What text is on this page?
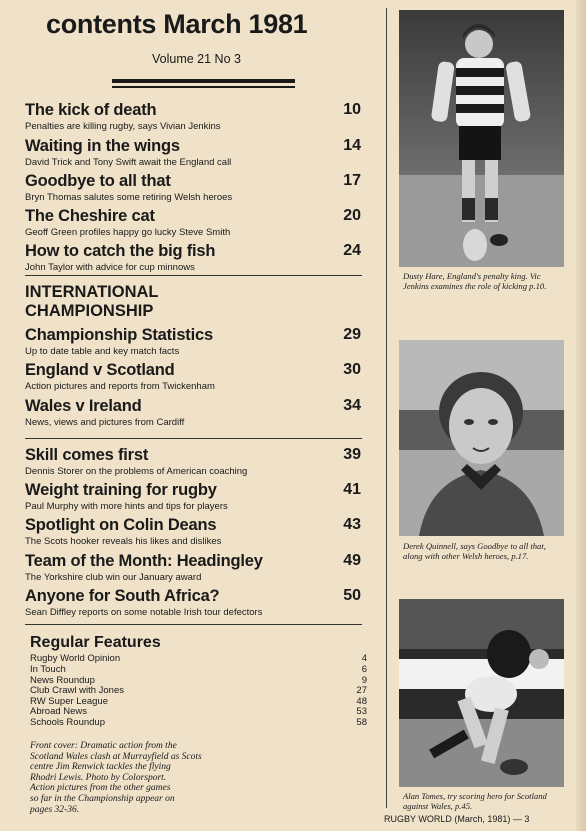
contents March 1981
Volume 21 No 3
The kick of death
Penalties are killing rugby, says Vivian Jenkins
10
Waiting in the wings
David Trick and Tony Swift await the England call
14
Goodbye to all that
Bryn Thomas salutes some retiring Welsh heroes
17
The Cheshire cat
Geoff Green profiles happy go lucky Steve Smith
20
How to catch the big fish
John Taylor with advice for cup minnows
24
INTERNATIONAL
CHAMPIONSHIP
Championship Statistics
Up to date table and key match facts
29
England v Scotland
Action pictures and reports from Twickenham
30
Wales v Ireland
News, views and pictures from Cardiff
34
Skill comes first
Dennis Storer on the problems of American coaching
39
Weight training for rugby
Paul Murphy with more hints and tips for players
41
Spotlight on Colin Deans
The Scots hooker reveals his likes and dislikes
43
Team of the Month: Headingley
The Yorkshire club win our January award
49
Anyone for South Africa?
Sean Diffley reports on some notable Irish tour defectors
50
Regular Features
Rugby World Opinion	4
In Touch	6
News Roundup	9
Club Crawl with Jones	27
RW Super League	48
Abroad News	53
Schools Roundup	58
Front cover: Dramatic action from the
Scotland Wales clash at Murrayfield as Scots
centre Jim Renwick tackles the flying
Rhodri Lewis. Photo by Colorsport.
Action pictures from the other games
so far in the Championship appear on
pages 32-36.
Dusty Hare, England's penalty king. Vic
Jenkins examines the role of kicking p.10.
Derek Quinnell, says Goodbye to all that,
along with other Welsh heroes, p.17.
Alan Tomes, try scoring hero for Scotland
against Wales, p.45.
RUGBY WORLD (March, 1981) — 3
